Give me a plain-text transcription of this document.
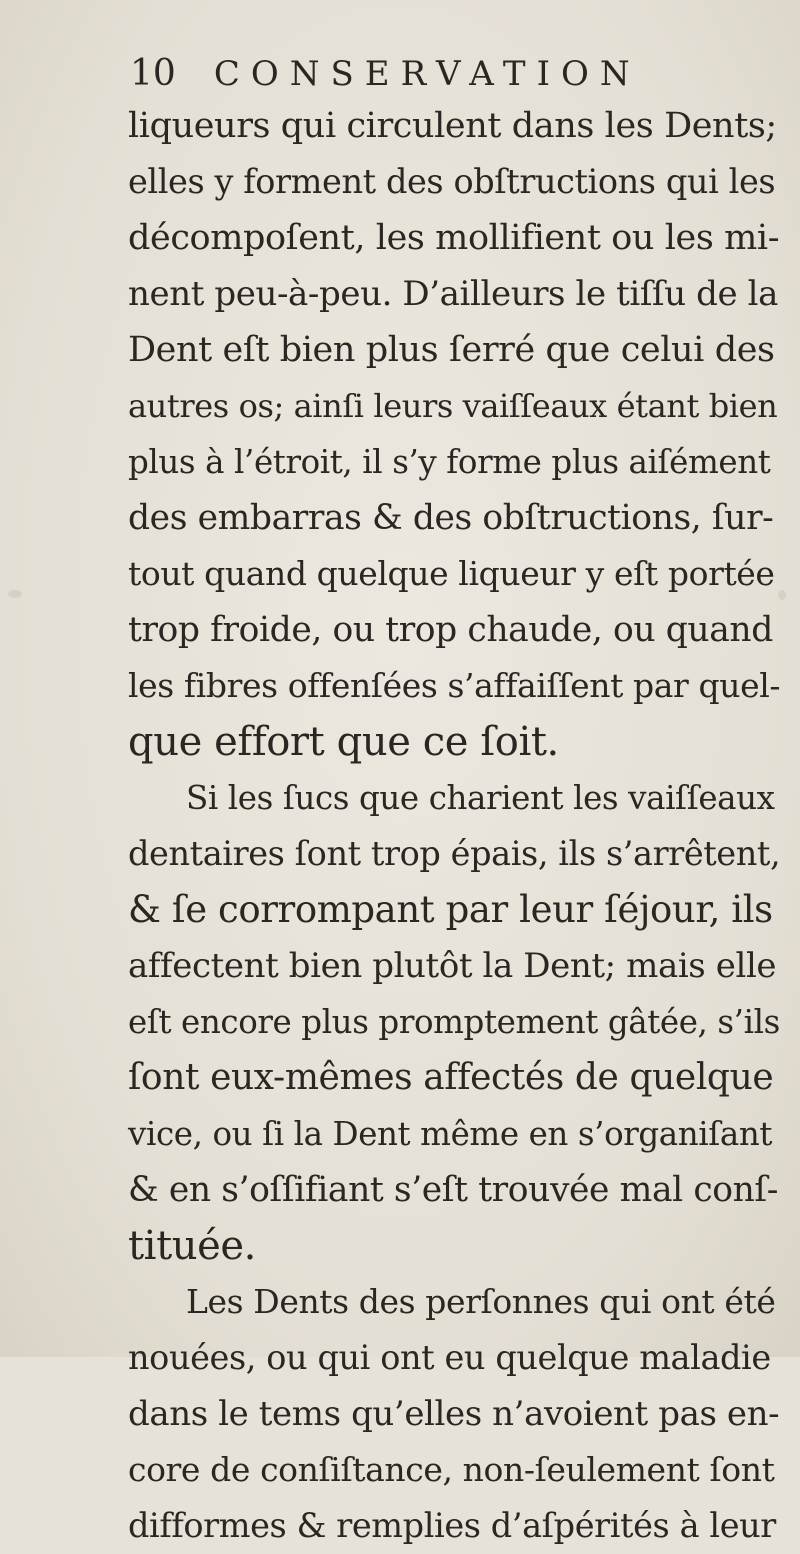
10 CONSERVATION
liqueurs qui circulent dans les Dents;
elles y forment des obſtructions qui les
décompoſent, les mollifient ou les mi-
nent peu-à-peu. D’ailleurs le tiſſu de la
Dent eſt bien plus ſerré que celui des
autres os; ainſi leurs vaiſſeaux étant bien
plus à l’étroit, il s’y forme plus aiſément
des embarras & des obſtructions, ſur-
tout quand quelque liqueur y eſt portée
trop froide, ou trop chaude, ou quand
les fibres offenſées s’affaiſſent par quel-
que effort que ce ſoit.
Si les ſucs que charient les vaiſſeaux
dentaires ſont trop épais, ils s’arrêtent,
& ſe corrompant par leur ſéjour, ils
affectent bien plutôt la Dent; mais elle
eſt encore plus promptement gâtée, s’ils
ſont eux-mêmes affectés de quelque
vice, ou ſi la Dent même en s’organiſant
& en s’oſſifiant s’eſt trouvée mal conſ-
tituée.
Les Dents des perſonnes qui ont été
nouées, ou qui ont eu quelque maladie
dans le tems qu’elles n’avoient pas en-
core de conſiſtance, non-ſeulement ſont
difformes & remplies d’aſpérités à leur
